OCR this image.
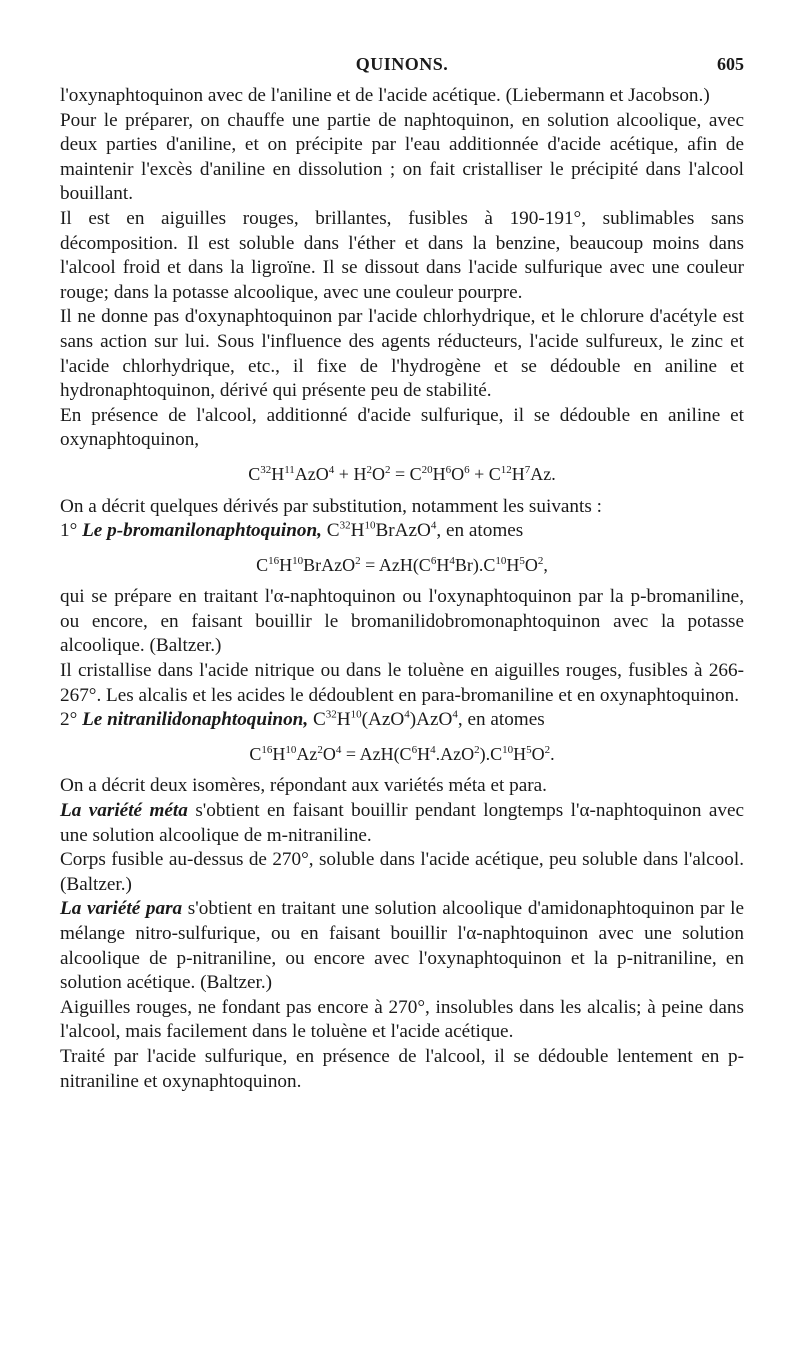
QUINONS.	605

l'oxynaphtoquinon avec de l'aniline et de l'acide acétique. (Liebermann et Jacobson.)

Pour le préparer, on chauffe une partie de naphtoquinon, en solution alcoolique, avec deux parties d'aniline, et on précipite par l'eau additionnée d'acide acétique, afin de maintenir l'excès d'aniline en dissolution ; on fait cristalliser le précipité dans l'alcool bouillant.

Il est en aiguilles rouges, brillantes, fusibles à 190-191°, sublimables sans décomposition. Il est soluble dans l'éther et dans la benzine, beaucoup moins dans l'alcool froid et dans la ligroïne. Il se dissout dans l'acide sulfurique avec une couleur rouge; dans la potasse alcoolique, avec une couleur pourpre.

Il ne donne pas d'oxynaphtoquinon par l'acide chlorhydrique, et le chlorure d'acétyle est sans action sur lui. Sous l'influence des agents réducteurs, l'acide sulfureux, le zinc et l'acide chlorhydrique, etc., il fixe de l'hydrogène et se dédouble en aniline et hydronaphtoquinon, dérivé qui présente peu de stabilité.

En présence de l'alcool, additionné d'acide sulfurique, il se dédouble en aniline et oxynaphtoquinon,

$C^{32}H^{11}AzO^4 + H^2O^2 = C^{20}H^6O^6 + C^{12}H^7Az$.

On a décrit quelques dérivés par substitution, notamment les suivants :

1° Le p-bromanilonaphtoquinon, $C^{32}H^{10}BrAzO^4$, en atomes

$C^{16}H^{10}BrAzO^2 = AzH(C^6H^4Br).C^{10}H^5O^2$,

qui se prépare en traitant l'α-naphtoquinon ou l'oxynaphtoquinon par la p-bromaniline, ou encore, en faisant bouillir le bromanilidobromonaphtoquinon avec la potasse alcoolique. (Baltzer.)

Il cristallise dans l'acide nitrique ou dans le toluène en aiguilles rouges, fusibles à 266-267°. Les alcalis et les acides le dédoublent en para-bromaniline et en oxynaphtoquinon.

2° Le nitranilidonaphtoquinon, $C^{32}H^{10}(AzO^4)AzO^4$, en atomes

$C^{16}H^{10}Az^2O^4 = AzH(C^6H^4.AzO^2).C^{10}H^5O^2$.

On a décrit deux isomères, répondant aux variétés méta et para.

La variété méta s'obtient en faisant bouillir pendant longtemps l'α-naphtoquinon avec une solution alcoolique de m-nitraniline.

Corps fusible au-dessus de 270°, soluble dans l'acide acétique, peu soluble dans l'alcool. (Baltzer.)

La variété para s'obtient en traitant une solution alcoolique d'amidonaphtoquinon par le mélange nitro-sulfurique, ou en faisant bouillir l'α-naphtoquinon avec une solution alcoolique de p-nitraniline, ou encore avec l'oxynaphtoquinon et la p-nitraniline, en solution acétique. (Baltzer.)

Aiguilles rouges, ne fondant pas encore à 270°, insolubles dans les alcalis; à peine dans l'alcool, mais facilement dans le toluène et l'acide acétique.

Traité par l'acide sulfurique, en présence de l'alcool, il se dédouble lentement en p-nitraniline et oxynaphtoquinon.
